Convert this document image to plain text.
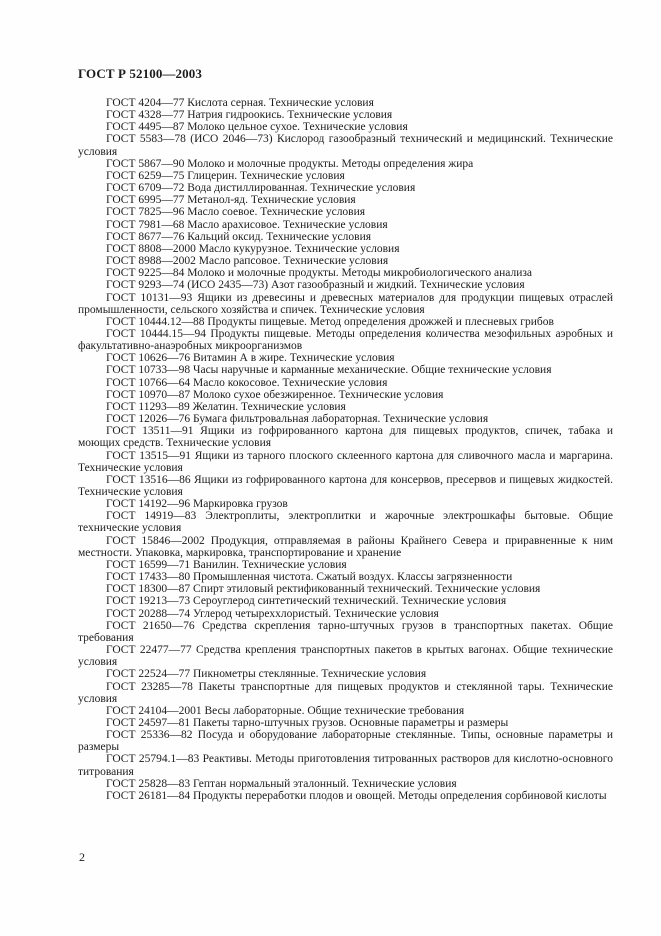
ГОСТ Р 52100—2003

ГОСТ 4204—77 Кислота серная. Технические условия

ГОСТ 4328—77 Натрия гидроокись. Технические условия

ГОСТ 4495—87 Молоко цельное сухое. Технические условия

ГОСТ 5583—78 (ИСО 2046—73) Кислород газообразный технический и медицинский. Технические условия

ГОСТ 5867—90 Молоко и молочные продукты. Методы определения жира

ГОСТ 6259—75 Глицерин. Технические условия

ГОСТ 6709—72 Вода дистиллированная. Технические условия

ГОСТ 6995—77 Метанол-яд. Технические условия

ГОСТ 7825—96 Масло соевое. Технические условия

ГОСТ 7981—68 Масло арахисовое. Технические условия

ГОСТ 8677—76 Кальций оксид. Технические условия

ГОСТ 8808—2000 Масло кукурузное. Технические условия

ГОСТ 8988—2002 Масло рапсовое. Технические условия

ГОСТ 9225—84 Молоко и молочные продукты. Методы микробиологического анализа

ГОСТ 9293—74 (ИСО 2435—73) Азот газообразный и жидкий. Технические условия

ГОСТ 10131—93 Ящики из древесины и древесных материалов для продукции пищевых отраслей промышленности, сельского хозяйства и спичек. Технические условия

ГОСТ 10444.12—88 Продукты пищевые. Метод определения дрожжей и плесневых грибов

ГОСТ 10444.15—94 Продукты пищевые. Методы определения количества мезофильных аэробных и факультативно-анаэробных микроорганизмов

ГОСТ 10626—76 Витамин А в жире. Технические условия

ГОСТ 10733—98 Часы наручные и карманные механические. Общие технические условия

ГОСТ 10766—64 Масло кокосовое. Технические условия

ГОСТ 10970—87 Молоко сухое обезжиренное. Технические условия

ГОСТ 11293—89 Желатин. Технические условия

ГОСТ 12026—76 Бумага фильтровальная лабораторная. Технические условия

ГОСТ 13511—91 Ящики из гофрированного картона для пищевых продуктов, спичек, табака и моющих средств. Технические условия

ГОСТ 13515—91 Ящики из тарного плоского склеенного картона для сливочного масла и маргарина. Технические условия

ГОСТ 13516—86 Ящики из гофрированного картона для консервов, пресервов и пищевых жидкостей. Технические условия

ГОСТ 14192—96 Маркировка грузов

ГОСТ 14919—83 Электроплиты, электроплитки и жарочные электрошкафы бытовые. Общие технические условия

ГОСТ 15846—2002 Продукция, отправляемая в районы Крайнего Севера и приравненные к ним местности. Упаковка, маркировка, транспортирование и хранение

ГОСТ 16599—71 Ванилин. Технические условия

ГОСТ 17433—80 Промышленная чистота. Сжатый воздух. Классы загрязненности

ГОСТ 18300—87 Спирт этиловый ректификованный технический. Технические условия

ГОСТ 19213—73 Сероуглерод синтетический технический. Технические условия

ГОСТ 20288—74 Углерод четыреххлористый. Технические условия

ГОСТ 21650—76 Средства скрепления тарно-штучных грузов в транспортных пакетах. Общие требования

ГОСТ 22477—77 Средства крепления транспортных пакетов в крытых вагонах. Общие технические условия

ГОСТ 22524—77 Пикнометры стеклянные. Технические условия

ГОСТ 23285—78 Пакеты транспортные для пищевых продуктов и стеклянной тары. Технические условия

ГОСТ 24104—2001 Весы лабораторные. Общие технические требования

ГОСТ 24597—81 Пакеты тарно-штучных грузов. Основные параметры и размеры

ГОСТ 25336—82 Посуда и оборудование лабораторные стеклянные. Типы, основные параметры и размеры

ГОСТ 25794.1—83 Реактивы. Методы приготовления титрованных растворов для кислотно-основного титрования

ГОСТ 25828—83 Гептан нормальный эталонный. Технические условия

ГОСТ 26181—84 Продукты переработки плодов и овощей. Методы определения сорбиновой кислоты

2
